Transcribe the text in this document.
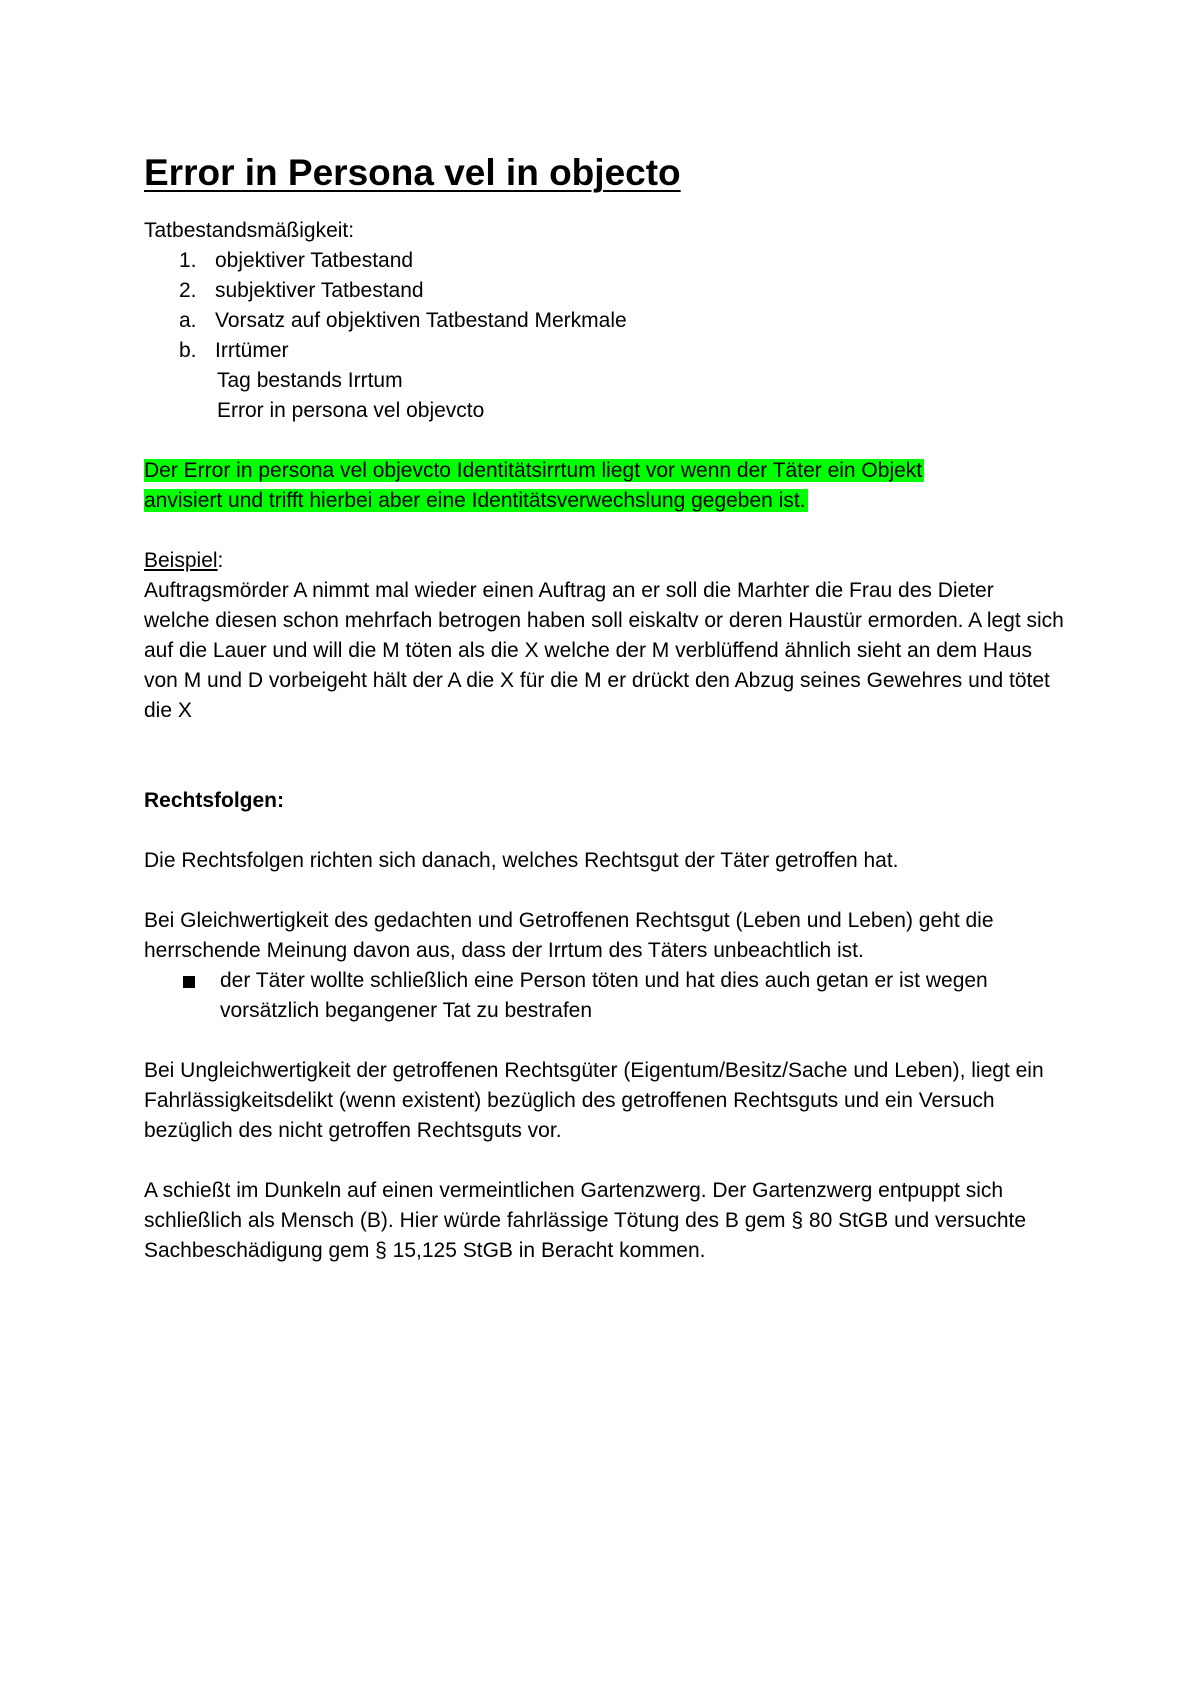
Error in Persona vel in objecto

Tatbestandsmäßigkeit:

1. objektiver Tatbestand
2. subjektiver Tatbestand
a. Vorsatz auf objektiven Tatbestand Merkmale
b. Irrtümer

Tag bestands Irrtum

Error in persona vel objevcto

Der Error in persona vel objevcto Identitätsirrtum liegt vor wenn der Täter ein Objekt
anvisiert und trifft hierbei aber eine Identitätsverwechslung gegeben ist.

Beispiel:

Auftragsmörder A nimmt mal wieder einen Auftrag an er soll die Marhter die Frau des Dieter welche diesen schon mehrfach betrogen haben soll eiskaltv or deren Haustür ermorden. A legt sich auf die Lauer und will die M töten als die X welche der M verblüffend ähnlich sieht an dem Haus von M und D vorbeigeht hält der A die X für die M er drückt den Abzug seines Gewehres und tötet die X

Rechtsfolgen:

Die Rechtsfolgen richten sich danach, welches Rechtsgut der Täter getroffen hat.

Bei Gleichwertigkeit des gedachten und Getroffenen Rechtsgut (Leben und Leben) geht die herrschende Meinung davon aus, dass der Irrtum des Täters unbeachtlich ist.

der Täter wollte schließlich eine Person töten und hat dies auch getan er ist wegen vorsätzlich begangener Tat zu bestrafen

Bei Ungleichwertigkeit der getroffenen Rechtsgüter (Eigentum/Besitz/Sache und Leben), liegt ein Fahrlässigkeitsdelikt (wenn existent) bezüglich des getroffenen Rechtsguts und ein Versuch bezüglich des nicht getroffen Rechtsguts vor.

A schießt im Dunkeln auf einen vermeintlichen Gartenzwerg. Der Gartenzwerg entpuppt sich schließlich als Mensch (B). Hier würde fahrlässige Tötung des B gem § 80 StGB und versuchte Sachbeschädigung gem § 15,125 StGB in Beracht kommen.
